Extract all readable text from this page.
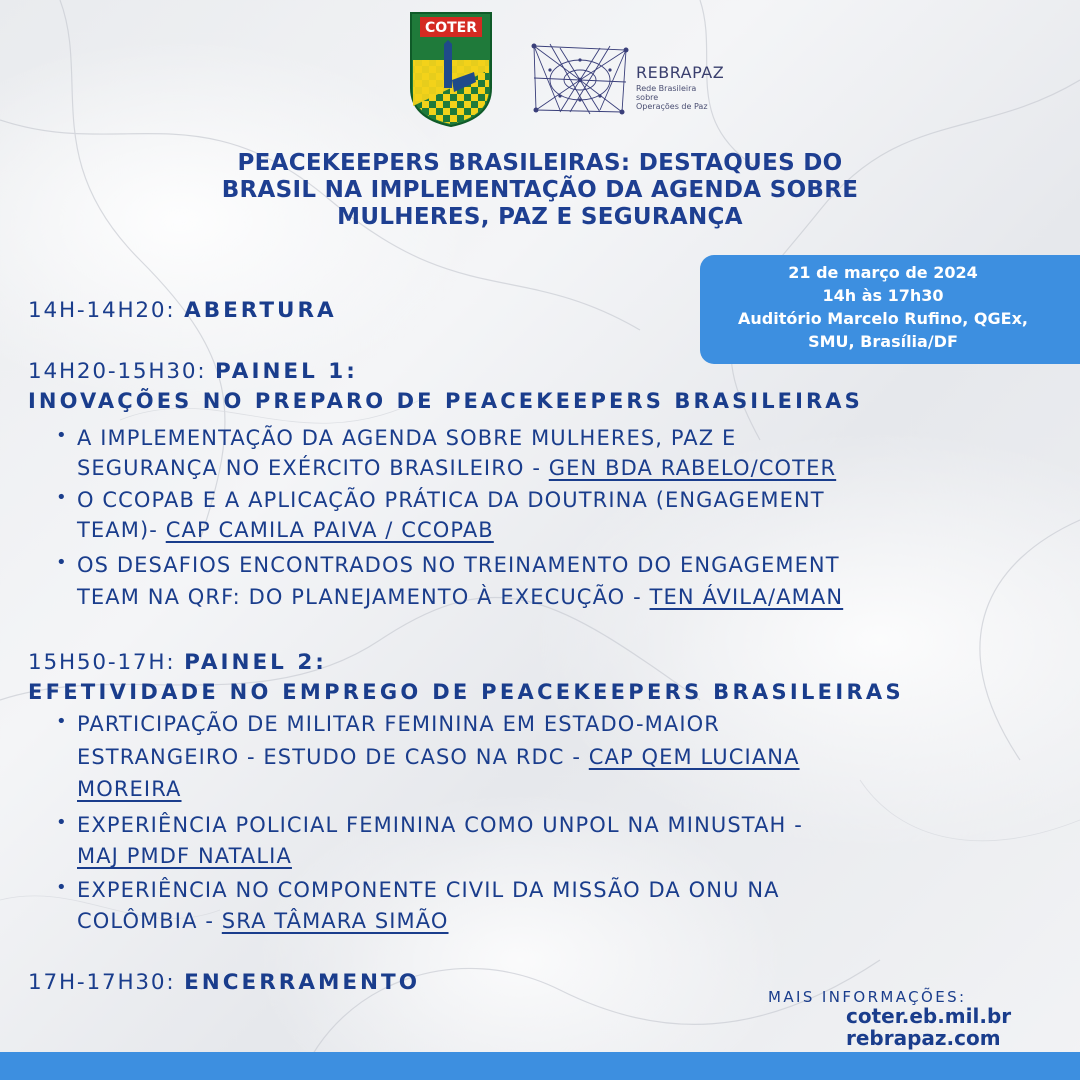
COTER
REBRAPAZ
Rede Brasileira sobre
Operações de Paz
PEACEKEEPERS BRASILEIRAS: DESTAQUES DO
BRASIL NA IMPLEMENTAÇÃO DA AGENDA SOBRE
MULHERES, PAZ E SEGURANÇA
21 de março de 2024
14h às 17h30
Auditório Marcelo Rufino, QGEx,
SMU, Brasília/DF
14H-14H20: ABERTURA
14H20-15H30: PAINEL 1:
INOVAÇÕES NO PREPARO DE PEACEKEEPERS BRASILEIRAS
• A IMPLEMENTAÇÃO DA AGENDA SOBRE MULHERES, PAZ E
SEGURANÇA NO EXÉRCITO BRASILEIRO - GEN BDA RABELO/COTER
• O CCOPAB E A APLICAÇÃO PRÁTICA DA DOUTRINA (ENGAGEMENT
TEAM)- CAP CAMILA PAIVA / CCOPAB
• OS DESAFIOS ENCONTRADOS NO TREINAMENTO DO ENGAGEMENT
TEAM NA QRF: DO PLANEJAMENTO À EXECUÇÃO - TEN ÁVILA/AMAN
15H50-17H: PAINEL 2:
EFETIVIDADE NO EMPREGO DE PEACEKEEPERS BRASILEIRAS
• PARTICIPAÇÃO DE MILITAR FEMININA EM ESTADO-MAIOR
ESTRANGEIRO - ESTUDO DE CASO NA RDC - CAP QEM LUCIANA
MOREIRA
• EXPERIÊNCIA POLICIAL FEMININA COMO UNPOL NA MINUSTAH -
MAJ PMDF NATALIA
• EXPERIÊNCIA NO COMPONENTE CIVIL DA MISSÃO DA ONU NA
COLÔMBIA - SRA TÂMARA SIMÃO
17H-17H30: ENCERRAMENTO
MAIS INFORMAÇÕES:
coter.eb.mil.br
rebrapaz.com
